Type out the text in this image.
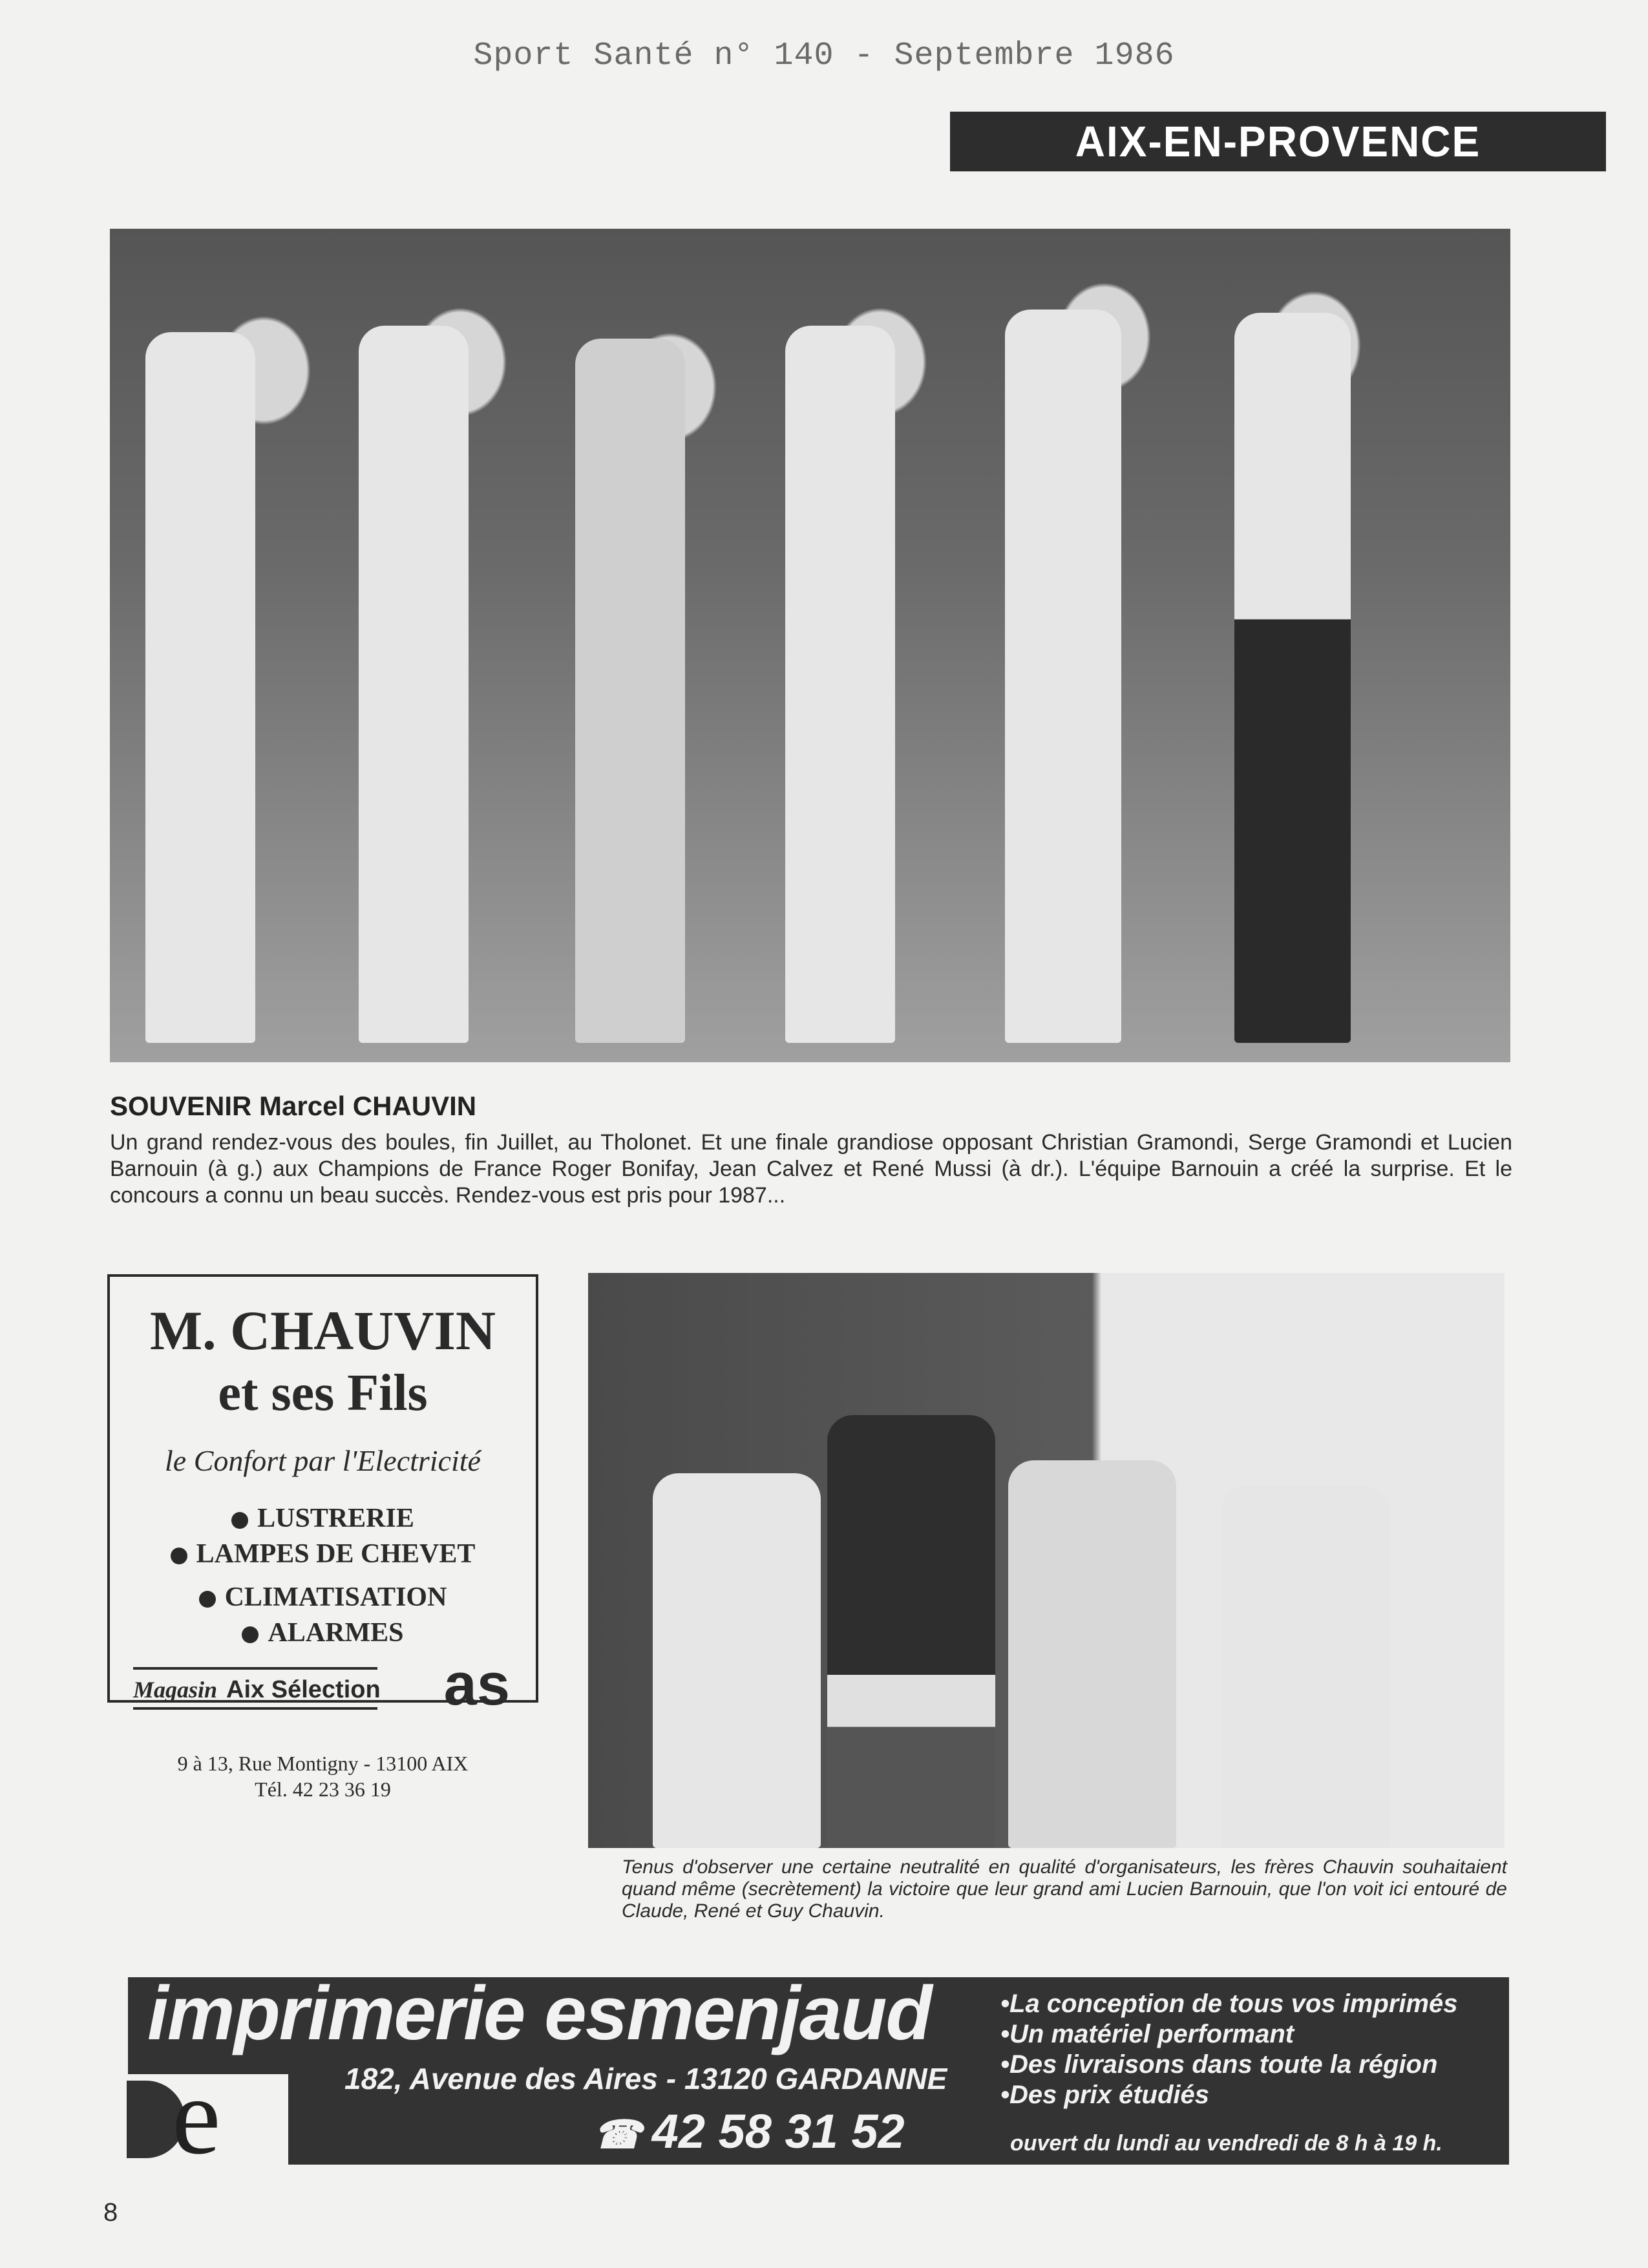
Sport Santé n° 140 - Septembre 1986
AIX-EN-PROVENCE
SOUVENIR Marcel CHAUVIN
Un grand rendez-vous des boules, fin Juillet, au Tholonet. Et une finale grandiose opposant Christian Gramondi, Serge Gramondi et Lucien Barnouin (à g.) aux Champions de France Roger Bonifay, Jean Calvez et René Mussi (à dr.). L'équipe Barnouin a créé la surprise. Et le concours a connu un beau succès. Rendez-vous est pris pour 1987...
M. CHAUVIN
et ses Fils
le Confort par l'Electricité
LUSTRERIE
LAMPES DE CHEVET
CLIMATISATION
ALARMES
Magasin Aix Sélection as
9 à 13, Rue Montigny - 13100 AIX
Tél. 42 23 36 19
Tenus d'observer une certaine neutralité en qualité d'organisateurs, les frères Chauvin souhaitaient quand même (secrètement) la victoire que leur grand ami Lucien Barnouin, que l'on voit ici entouré de Claude, René et Guy Chauvin.
e
imprimerie esmenjaud
182, Avenue des Aires - 13120 GARDANNE
☎ 42 58 31 52
• La conception de tous vos imprimés
• Un matériel performant
• Des livraisons dans toute la région
• Des prix étudiés
ouvert du lundi au vendredi de 8 h à 19 h.
8
